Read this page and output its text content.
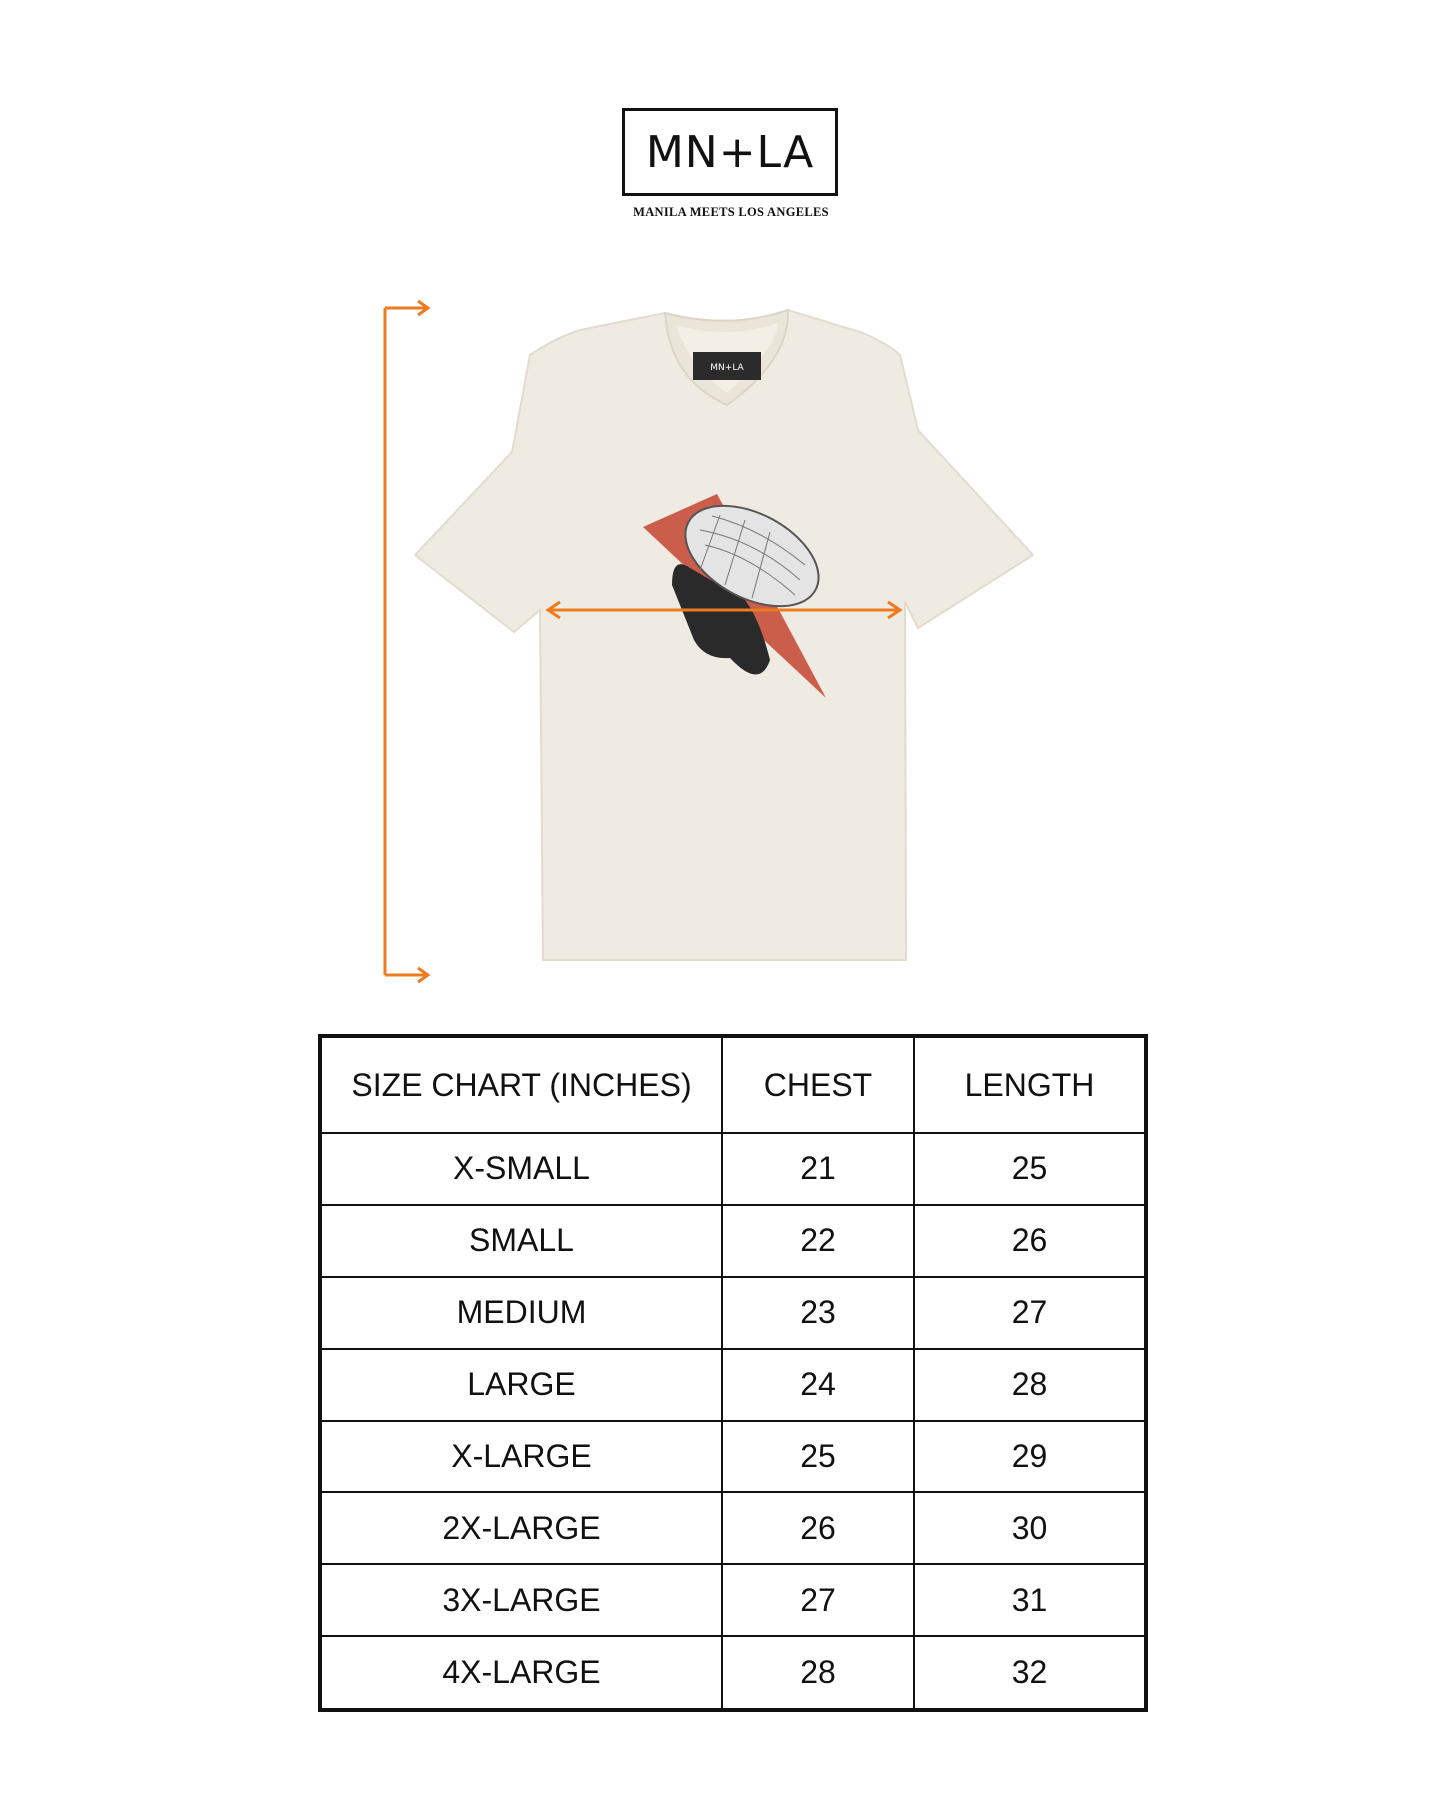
MN+LA
MANILA MEETS LOS ANGELES
MN+LA
SIZE CHART (INCHES)	CHEST	LENGTH
X-SMALL	21	25
SMALL	22	26
MEDIUM	23	27
LARGE	24	28
X-LARGE	25	29
2X-LARGE	26	30
3X-LARGE	27	31
4X-LARGE	28	32
